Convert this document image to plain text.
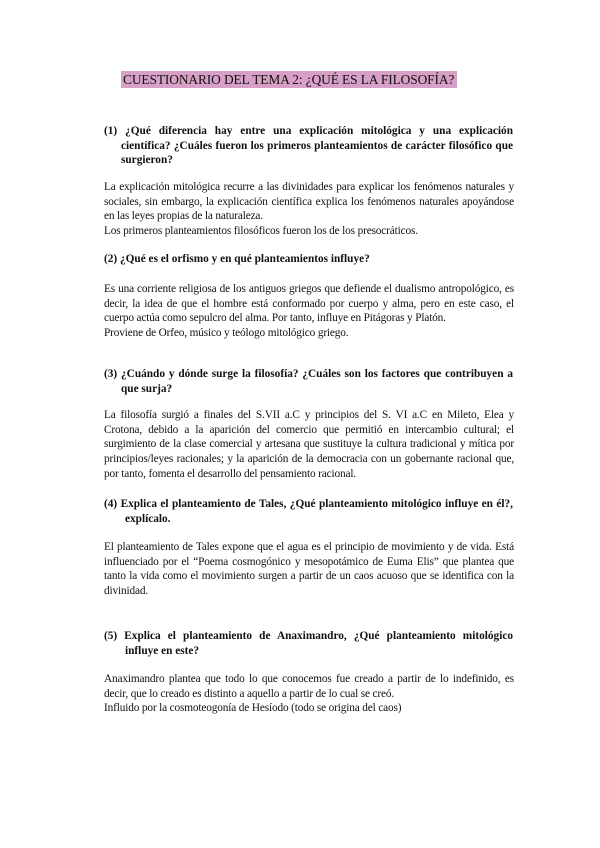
CUESTIONARIO DEL TEMA 2: ¿QUÉ ES LA FILOSOFÍA?
(1) ¿Qué diferencia hay entre una explicación mitológica y una explicación científica? ¿Cuáles fueron los primeros planteamientos de carácter filosófico que surgieron?

La explicación mitológica recurre a las divinidades para explicar los fenómenos naturales y sociales, sin embargo, la explicación científica explica los fenómenos naturales apoyándose en las leyes propias de la naturaleza.

Los primeros planteamientos filosóficos fueron los de los presocráticos.

(2) ¿Qué es el orfismo y en qué planteamientos influye?

Es una corriente religiosa de los antiguos griegos que defiende el dualismo antropológico, es decir, la idea de que el hombre está conformado por cuerpo y alma, pero en este caso, el cuerpo actúa como sepulcro del alma. Por tanto, influye en Pitágoras y Platón.

Proviene de Orfeo, músico y teólogo mitológico griego.

(3) ¿Cuándo y dónde surge la filosofía? ¿Cuáles son los factores que contribuyen a que surja?

La filosofía surgió a finales del S.VII a.C y principios del S. VI a.C en Mileto, Elea y Crotona, debido a la aparición del comercio que permitió en intercambio cultural; el surgimiento de la clase comercial y artesana que sustituye la cultura tradicional y mítica por principios/leyes racionales; y la aparición de la democracia con un gobernante racional que, por tanto, fomenta el desarrollo del pensamiento racional.

(4) Explica el planteamiento de Tales, ¿Qué planteamiento mitológico influye en él?, explícalo.

El planteamiento de Tales expone que el agua es el principio de movimiento y de vida. Está influenciado por el “Poema cosmogónico y mesopotámico de Euma Elis” que plantea que tanto la vida como el movimiento surgen a partir de un caos acuoso que se identifica con la divinidad.

(5) Explica el planteamiento de Anaximandro, ¿Qué planteamiento mitológico influye en este?

Anaximandro plantea que todo lo que conocemos fue creado a partir de lo indefinido, es decir, que lo creado es distinto a aquello a partir de lo cual se creó.

Influido por la cosmoteogonía de Hesíodo (todo se origina del caos)
